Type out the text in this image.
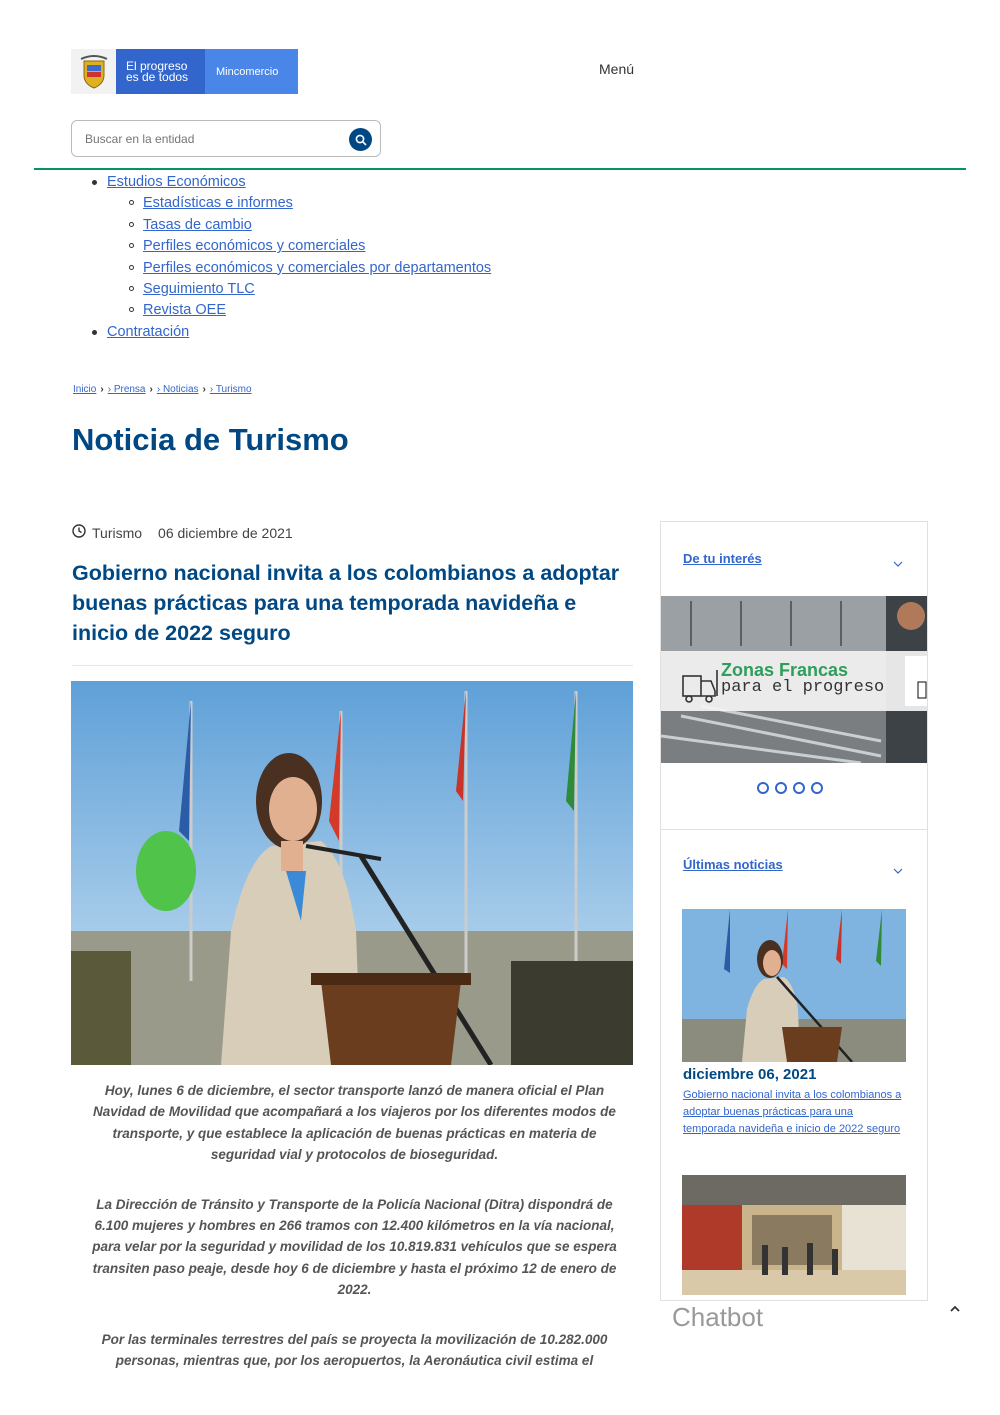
El progreso
es de todos	Mincomercio	Menú
Buscar en la entidad
Estudios Económicos
Estadísticas e informes
Tasas de cambio
Perfiles económicos y comerciales
Perfiles económicos y comerciales por departamentos
Seguimiento TLC
Revista OEE
Contratación
Inicio › › Prensa › › Noticias › › Turismo
Noticia de Turismo
Turismo 06 diciembre de 2021
Gobierno nacional invita a los colombianos a adoptar buenas prácticas para una temporada navideña e inicio de 2022 seguro

Hoy, lunes 6 de diciembre, el sector transporte lanzó de manera oficial el Plan Navidad de Movilidad que acompañará a los viajeros por los diferentes modos de transporte, y que establece la aplicación de buenas prácticas en materia de seguridad vial y protocolos de bioseguridad.

La Dirección de Tránsito y Transporte de la Policía Nacional (Ditra) dispondrá de 6.100 mujeres y hombres en 266 tramos con 12.400 kilómetros en la vía nacional, para velar por la seguridad y movilidad de los 10.819.831 vehículos que se espera transiten paso peaje, desde hoy 6 de diciembre y hasta el próximo 12 de enero de 2022.

Por las terminales terrestres del país se proyecta la movilización de 10.282.000 personas, mientras que, por los aeropuertos, la Aeronáutica civil estima el

De tu interés
Zonas Francas
para el progreso
Últimas noticias
diciembre 06, 2021
Gobierno nacional invita a los colombianos a adoptar buenas prácticas para una temporada navideña e inicio de 2022 seguro
Chatbot
